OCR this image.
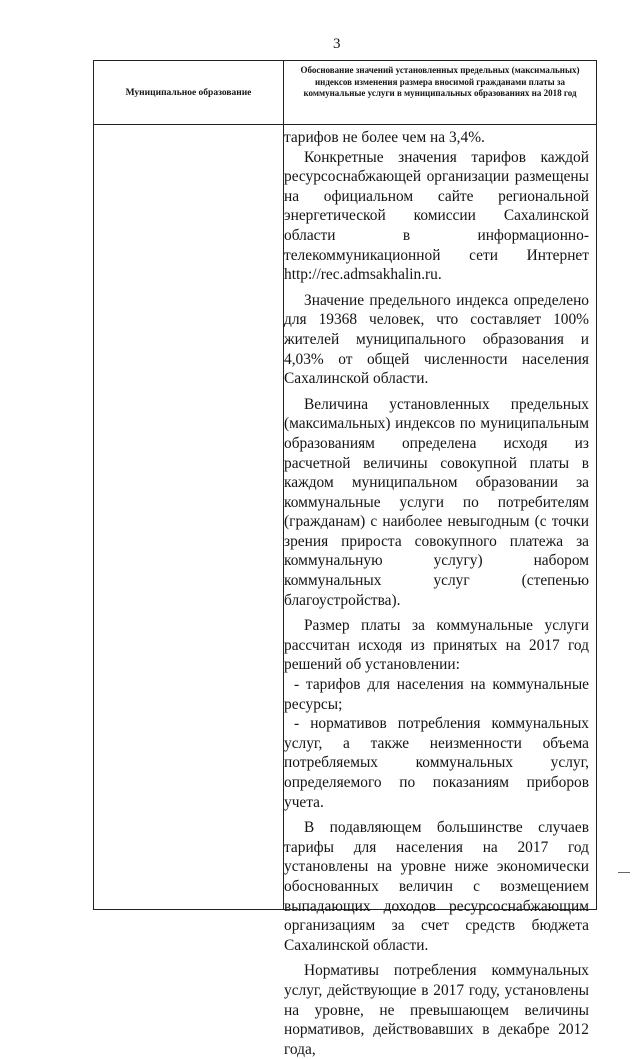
3
Муниципальное образование
Обоснование значений установленных предельных (максимальных) индексов изменения размера вносимой гражданами платы за коммунальные услуги в муниципальных образованиях на 2018 год

тарифов не более чем на 3,4%.

Конкретные значения тарифов каждой ресурсоснабжающей организации размещены на официальном сайте региональной энергетической комиссии Сахалинской области в информационно-телекоммуникационной сети Интернет http://rec.admsakhalin.ru.

Значение предельного индекса определено для 19368 человек, что составляет 100% жителей муниципального образования и 4,03% от общей численности населения Сахалинской области.

Величина установленных предельных (максимальных) индексов по муниципальным образованиям определена исходя из расчетной величины совокупной платы в каждом муниципальном образовании за коммунальные услуги по потребителям (гражданам) с наиболее невыгодным (с точки зрения прироста совокупного платежа за коммунальную услугу) набором коммунальных услуг (степенью благоустройства).

Размер платы за коммунальные услуги рассчитан исходя из принятых на 2017 год решений об установлении:

- тарифов для населения на коммунальные ресурсы;

- нормативов потребления коммунальных услуг, а также неизменности объема потребляемых коммунальных услуг, определяемого по показаниям приборов учета.

В подавляющем большинстве случаев тарифы для населения на 2017 год установлены на уровне ниже экономически обоснованных величин с возмещением выпадающих доходов ресурсоснабжающим организациям за счет средств бюджета Сахалинской области.

Нормативы потребления коммунальных услуг, действующие в 2017 году, установлены на уровне, не превышающем величины нормативов, действовавших в декабре 2012 года,
